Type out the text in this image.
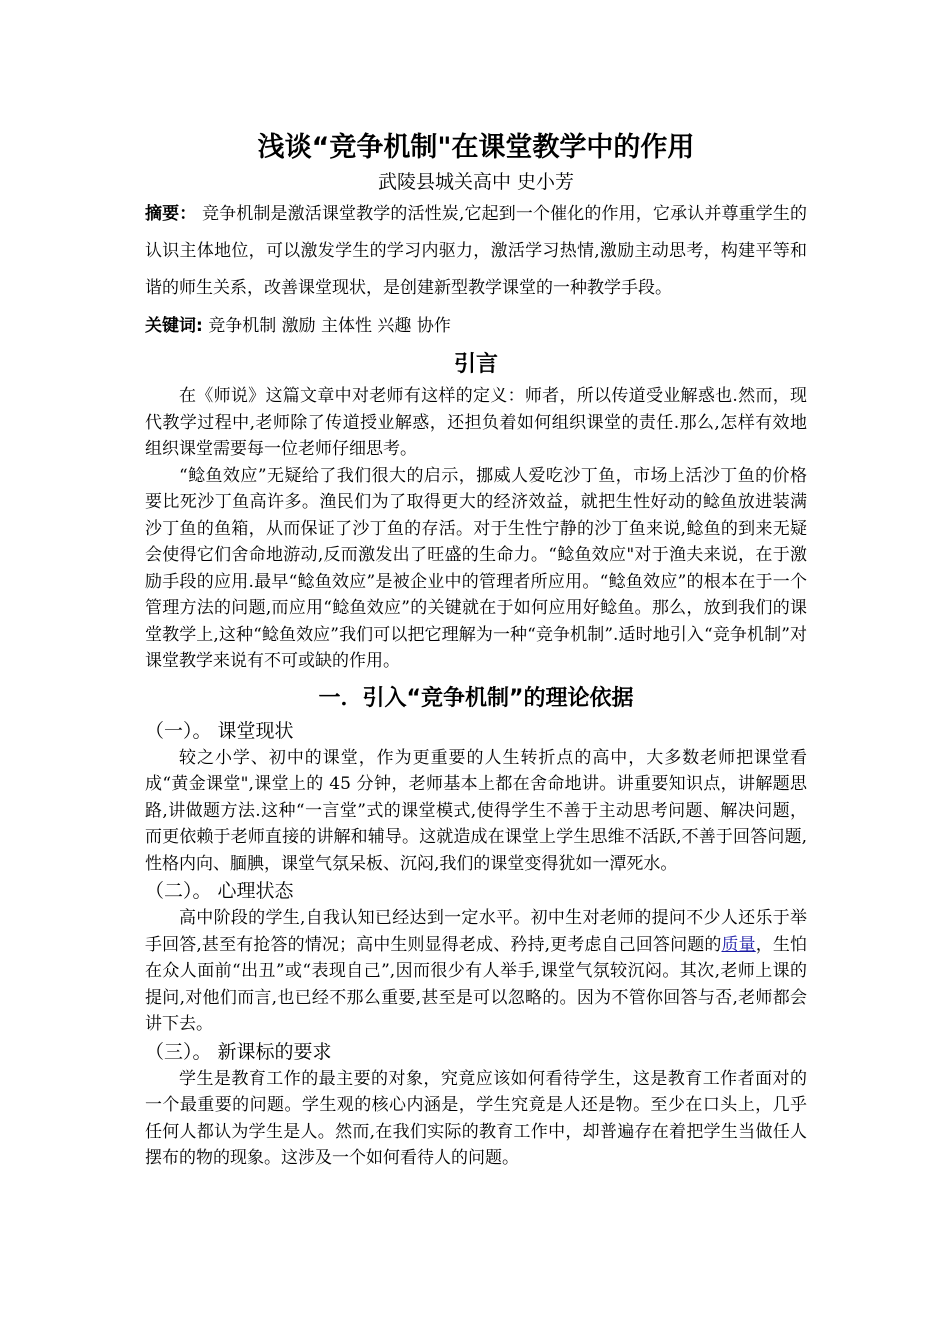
浅谈“竞争机制"在课堂教学中的作用

武陵县城关高中 史小芳

摘要： 竞争机制是激活课堂教学的活性炭,它起到一个催化的作用，它承认并尊重学生的认识主体地位，可以激发学生的学习内驱力，激活学习热情,激励主动思考，构建平等和谐的师生关系，改善课堂现状，是创建新型教学课堂的一种教学手段。

关键词: 竞争机制 激励 主体性 兴趣 协作

引言

在《师说》这篇文章中对老师有这样的定义：师者，所以传道受业解惑也.然而，现代教学过程中,老师除了传道授业解惑，还担负着如何组织课堂的责任.那么,怎样有效地组织课堂需要每一位老师仔细思考。

“鲶鱼效应”无疑给了我们很大的启示，挪威人爱吃沙丁鱼，市场上活沙丁鱼的价格要比死沙丁鱼高许多。渔民们为了取得更大的经济效益，就把生性好动的鲶鱼放进装满沙丁鱼的鱼箱，从而保证了沙丁鱼的存活。对于生性宁静的沙丁鱼来说,鲶鱼的到来无疑会使得它们舍命地游动,反而激发出了旺盛的生命力。“鲶鱼效应"对于渔夫来说，在于激励手段的应用.最早“鲶鱼效应”是被企业中的管理者所应用。“鲶鱼效应”的根本在于一个管理方法的问题,而应用“鲶鱼效应”的关键就在于如何应用好鲶鱼。那么，放到我们的课堂教学上,这种“鲶鱼效应”我们可以把它理解为一种“竞争机制”.适时地引入“竞争机制”对课堂教学来说有不可或缺的作用。

一．引入“竞争机制”的理论依据
（一）。 课堂现状

较之小学、初中的课堂，作为更重要的人生转折点的高中，大多数老师把课堂看成“黄金课堂",课堂上的 45 分钟，老师基本上都在舍命地讲。讲重要知识点，讲解题思路,讲做题方法.这种“一言堂”式的课堂模式,使得学生不善于主动思考问题、解决问题，而更依赖于老师直接的讲解和辅导。这就造成在课堂上学生思维不活跃,不善于回答问题,性格内向、腼腆，课堂气氛呆板、沉闷,我们的课堂变得犹如一潭死水。

（二）。 心理状态

高中阶段的学生,自我认知已经达到一定水平。初中生对老师的提问不少人还乐于举手回答,甚至有抢答的情况；高中生则显得老成、矜持,更考虑自己回答问题的质量，生怕在众人面前“出丑”或“表现自己”,因而很少有人举手,课堂气氛较沉闷。其次,老师上课的提问,对他们而言,也已经不那么重要,甚至是可以忽略的。因为不管你回答与否,老师都会讲下去。

（三）。 新课标的要求

学生是教育工作的最主要的对象，究竟应该如何看待学生，这是教育工作者面对的一个最重要的问题。学生观的核心内涵是，学生究竟是人还是物。至少在口头上，几乎任何人都认为学生是人。然而,在我们实际的教育工作中，却普遍存在着把学生当做任人摆布的物的现象。这涉及一个如何看待人的问题。
